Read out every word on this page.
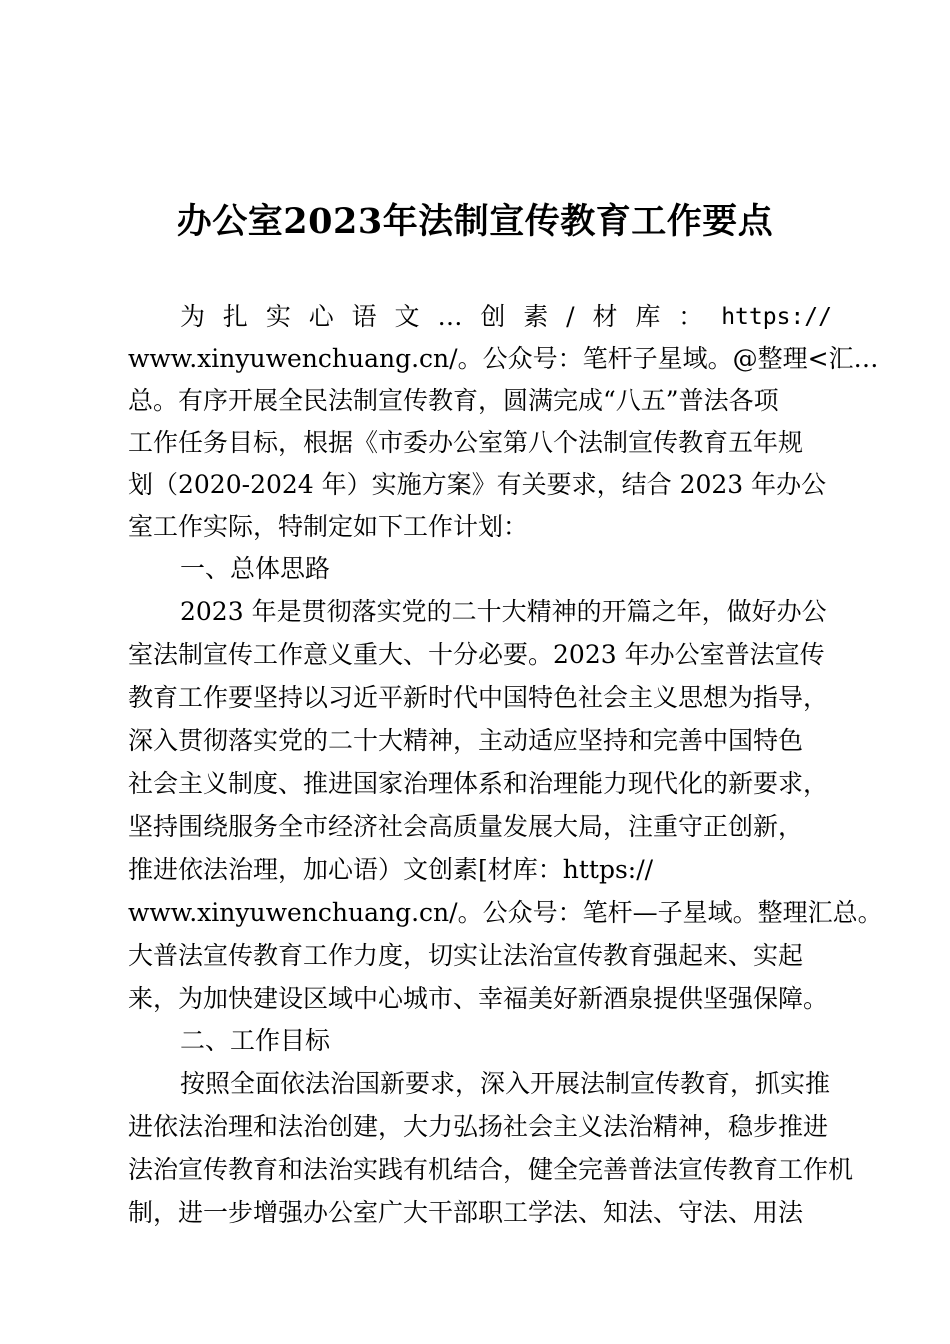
办公室2023年法制宣传教育工作要点
为 扎 实 心 语 文 … 创 素 / 材 库 ： https://
www.xinyuwenchuang.cn/。公众号：笔杆子星域。@整理<汇…
总。有序开展全民法制宣传教育，圆满完成“八五”普法各项
工作任务目标，根据《市委办公室第八个法制宣传教育五年规
划（2020-2024 年）实施方案》有关要求，结合 2023 年办公
室工作实际，特制定如下工作计划：
一、总体思路
2023 年是贯彻落实党的二十大精神的开篇之年，做好办公
室法制宣传工作意义重大、十分必要。2023 年办公室普法宣传
教育工作要坚持以习近平新时代中国特色社会主义思想为指导，
深入贯彻落实党的二十大精神，主动适应坚持和完善中国特色
社会主义制度、推进国家治理体系和治理能力现代化的新要求，
坚持围绕服务全市经济社会高质量发展大局，注重守正创新，
推进依法治理，加心语）文创素[材库：https://
www.xinyuwenchuang.cn/。公众号：笔杆—子星域。整理汇总。
大普法宣传教育工作力度，切实让法治宣传教育强起来、实起
来，为加快建设区域中心城市、幸福美好新酒泉提供坚强保障。
二、工作目标
按照全面依法治国新要求，深入开展法制宣传教育，抓实推
进依法治理和法治创建，大力弘扬社会主义法治精神，稳步推进
法治宣传教育和法治实践有机结合，健全完善普法宣传教育工作机
制，进一步增强办公室广大干部职工学法、知法、守法、用法
